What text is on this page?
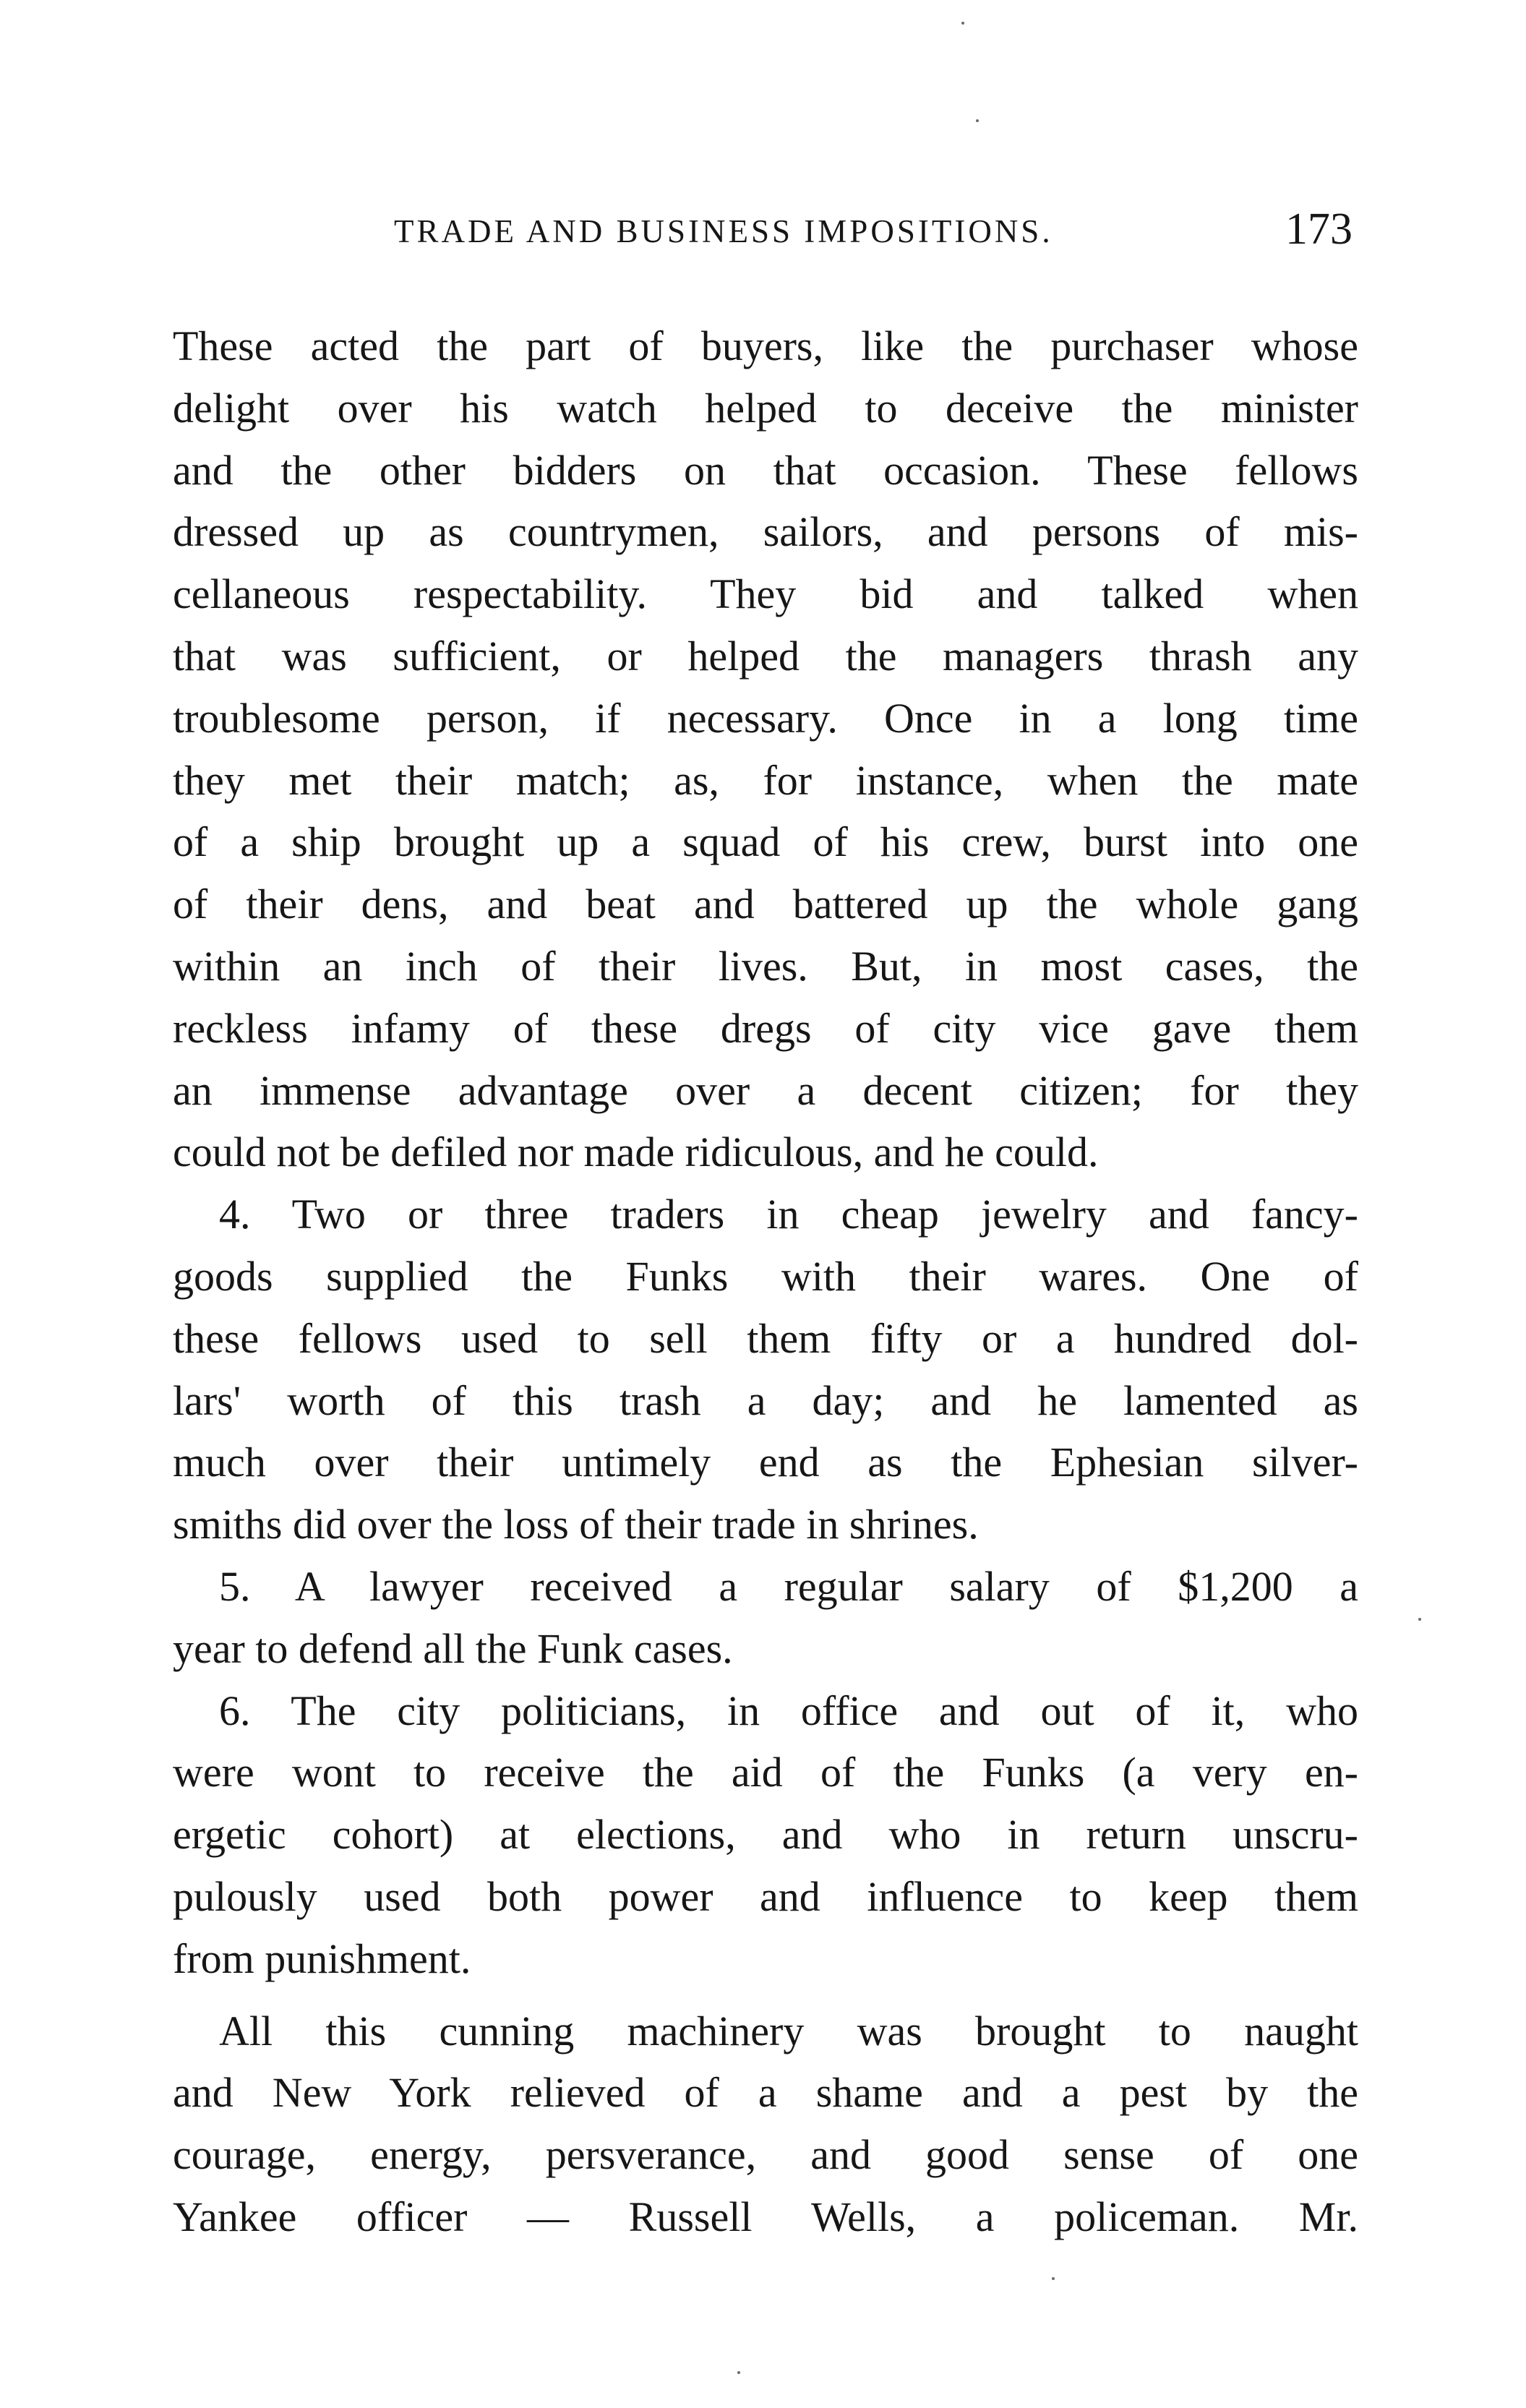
TRADE AND BUSINESS IMPOSITIONS.	173
These acted the part of buyers, like the purchaser whose
delight over his watch helped to deceive the minister
and the other bidders on that occasion. These fellows
dressed up as countrymen, sailors, and persons of mis-
cellaneous respectability. They bid and talked when
that was sufficient, or helped the managers thrash any
troublesome person, if necessary. Once in a long time
they met their match; as, for instance, when the mate
of a ship brought up a squad of his crew, burst into one
of their dens, and beat and battered up the whole gang
within an inch of their lives. But, in most cases, the
reckless infamy of these dregs of city vice gave them
an immense advantage over a decent citizen; for they
could not be defiled nor made ridiculous, and he could.
4. Two or three traders in cheap jewelry and fancy-
goods supplied the Funks with their wares. One of
these fellows used to sell them fifty or a hundred dol-
lars' worth of this trash a day; and he lamented as
much over their untimely end as the Ephesian silver-
smiths did over the loss of their trade in shrines.
5. A lawyer received a regular salary of $1,200 a
year to defend all the Funk cases.
6. The city politicians, in office and out of it, who
were wont to receive the aid of the Funks (a very en-
ergetic cohort) at elections, and who in return unscru-
pulously used both power and influence to keep them
from punishment.
All this cunning machinery was brought to naught
and New York relieved of a shame and a pest by the
courage, energy, persverance, and good sense of one
Yankee officer — Russell Wells, a policeman. Mr.
